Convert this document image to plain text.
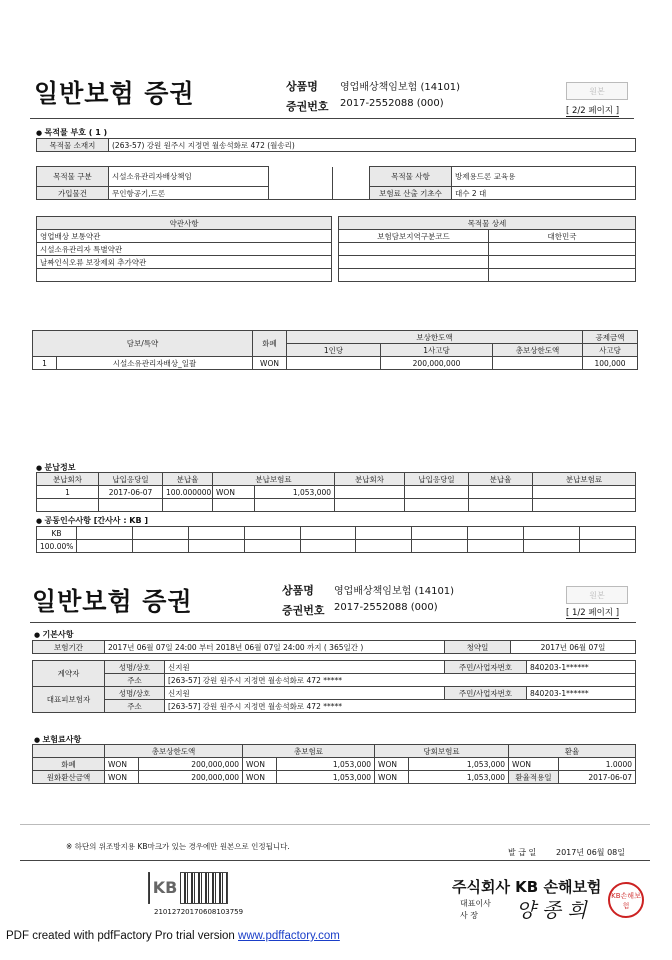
일반보험 증권	상품명 영업배상책임보험 (14101)
증권번호 2017-2552088 (000)
원본
[ 2/2 페이지 ]
● 목적물 부호 ( 1 )
목적물 소재지	(263-57) 강원 원주시 지정면 월송석화로 472 (월송리)
목적물 구분	시설소유관리자배상책임			목적물 사항	방제용드론 교육용
가입물건	무인항공기,드론			보험료 산출 기초수	대수 2 대
약관사항
영업배상 보통약관
시설소유관리자 특별약관
날짜인식오류 보장제외 추가약관

목적물 상세	
보험담보지역구분코드	대한민국

담보/특약		화폐	보상한도액			공제금액
			1인당	1사고당	총보상한도액	사고당
1	시설소유관리자배상_일괄	WON		200,000,000		100,000
● 분납정보
분납회차	납입응당일	분납율	분납보험료		분납회차	납입응당일	분납율	분납보험료
1	2017-06-07	100.000000	WON	1,053,000				

● 공동인수사항 [간사사 : KB ]
KB										
100.00%										
일반보험 증권	상품명 영업배상책임보험 (14101)
증권번호 2017-2552088 (000)
원본
[ 1/2 페이지 ]
● 기본사항
보험기간	2017년 06월 07일 24:00 부터 2018년 06월 07일 24:00 까지 ( 365일간 )	청약일	2017년 06월 07일
계약자	성명/상호	신지원	주민/사업자번호	840203-1******
	주소	[263-57] 강원 원주시 지정면 월송석화로 472 *****		
대표피보험자	성명/상호	신지원	주민/사업자번호	840203-1******
	주소	[263-57] 강원 원주시 지정면 월송석화로 472 *****		
● 보험료사항
	총보상한도액		총보험료		당회보험료		환율	
화폐	WON	200,000,000	WON	1,053,000	WON	1,053,000	WON	1.0000
원화환산금액	WON	200,000,000	WON	1,053,000	WON	1,053,000	환율적용일	2017-06-07
※ 하단의 위조방지용 KB마크가 있는 경우에만 원본으로 인정됩니다.
발 급 일 2017년 06월 08일
KB
21012720170608103759
주식회사 KB 손해보험
대표이사
사 장 양 종 희
KB손해보험
PDF created with pdfFactory Pro trial version www.pdffactory.com
